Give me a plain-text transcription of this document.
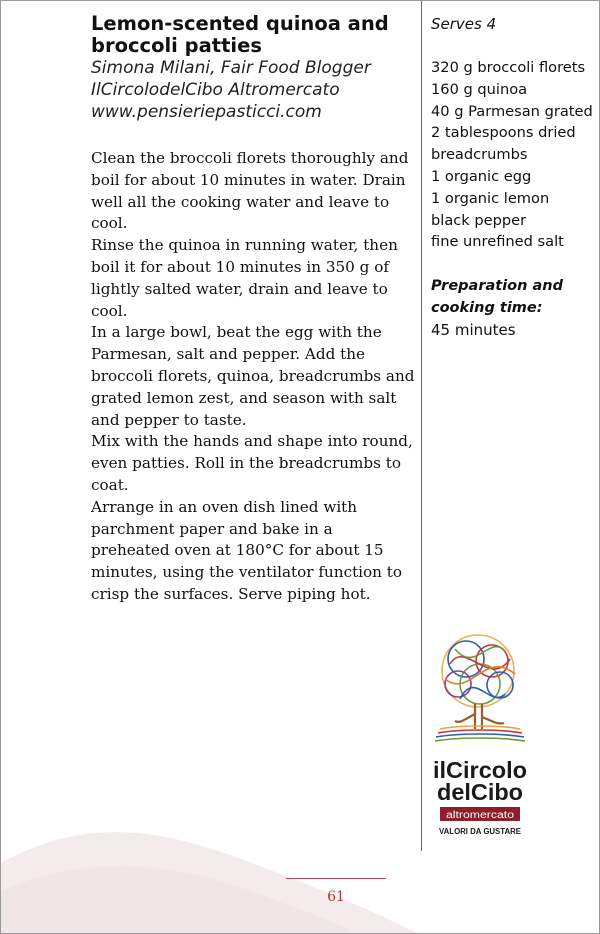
Lemon-scented quinoa and broccoli patties

Simona Milani, Fair Food Blogger

IlCircolodelCibo Altromercato

www.pensieriepasticci.com

Clean the broccoli florets thoroughly and boil for about 10 minutes in water. Drain well all the cooking water and leave to cool.

Rinse the quinoa in running water, then boil it for about 10 minutes in 350 g of lightly salted water, drain and leave to cool.

In a large bowl, beat the egg with the Parmesan, salt and pepper. Add the broccoli florets, quinoa, breadcrumbs and grated lemon zest, and season with salt and pepper to taste.

Mix with the hands and shape into round, even patties. Roll in the breadcrumbs to coat.

Arrange in an oven dish lined with parchment paper and bake in a preheated oven at 180°C for about 15 minutes, using the ventilator function to crisp the surfaces. Serve piping hot.

Serves 4

320 g broccoli florets

160 g quinoa

40 g Parmesan grated

2 tablespoons dried breadcrumbs

1 organic egg

1 organic lemon

black pepper

fine unrefined salt

Preparation and cooking time:

45 minutes

ilCircolo
delCibo
altromercato
VALORI DA GUSTARE
61
